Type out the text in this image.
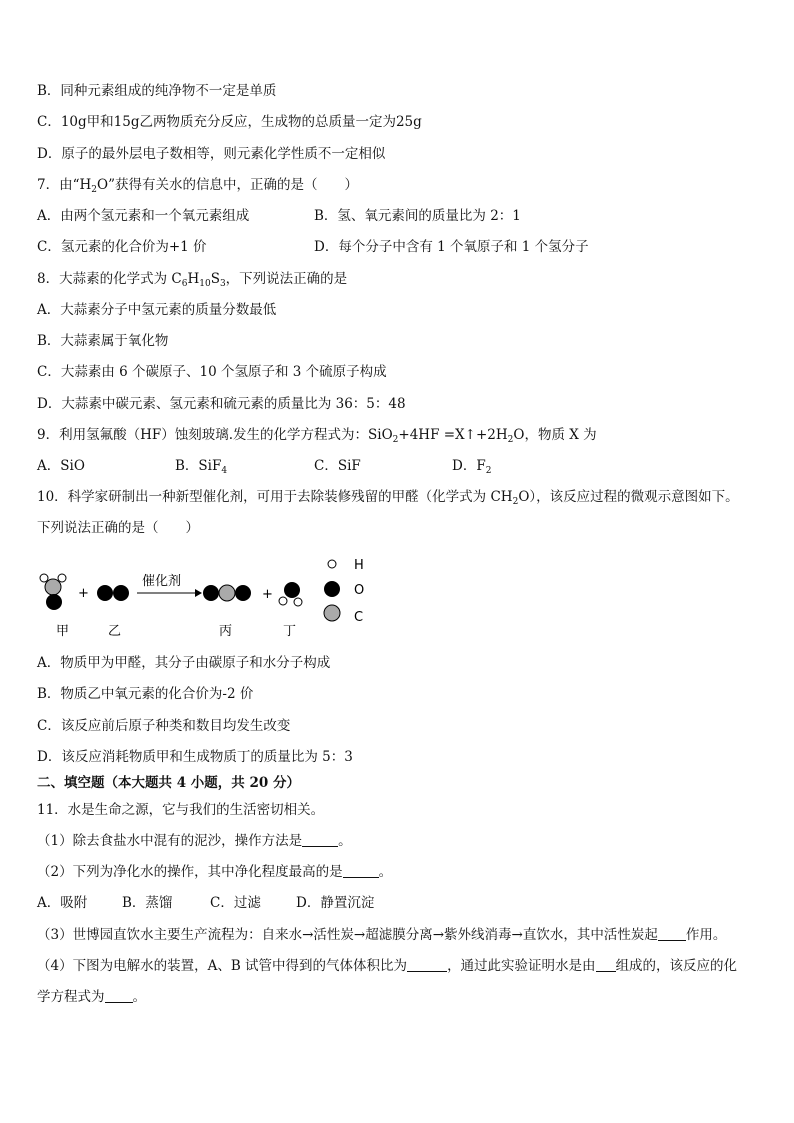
B．同种元素组成的纯净物不一定是单质
C．10g甲和15g乙两物质充分反应，生成物的总质量一定为25g
D．原子的最外层电子数相等，则元素化学性质不一定相似
7．由“$H_2O$”获得有关水的信息中，正确的是（　　）
A．由两个氢元素和一个氧元素组成	B．氢、氧元素间的质量比为 2：1
C．氢元素的化合价为+1 价	D．每个分子中含有 1 个氧原子和 1 个氢分子
8．大蒜素的化学式为 $C_6H_{10}S_3$，下列说法正确的是
A．大蒜素分子中氢元素的质量分数最低
B．大蒜素属于氧化物
C．大蒜素由 6 个碳原子、10 个氢原子和 3 个硫原子构成
D．大蒜素中碳元素、氢元素和硫元素的质量比为 36：5：48
9．利用氢氟酸（HF）蚀刻玻璃.发生的化学方程式为：$SiO_2+4HF =X↑+2H_2O$，物质 X 为
A．SiO	B．SiF$_4$	C．SiF	D．$F_2$
10．科学家研制出一种新型催化剂，可用于去除装修残留的甲醛（化学式为 $CH_2O$），该反应过程的微观示意图如下。
下列说法正确的是（　　）
+
催化剂
+
H
O
C
甲	乙	丙	丁
A．物质甲为甲醛，其分子由碳原子和水分子构成
B．物质乙中氧元素的化合价为-2 价
C．该反应前后原子种类和数目均发生改变
D．该反应消耗物质甲和生成物质丁的质量比为 5：3
二、填空题（本大题共 4 小题，共 20 分）
11．水是生命之源，它与我们的生活密切相关。
（1）除去食盐水中混有的泥沙，操作方法是	。
（2）下列为净化水的操作，其中净化程度最高的是	。
A．吸附	B．蒸馏	C．过滤	D．静置沉淀
（3）世博园直饮水主要生产流程为：自来水→活性炭→超滤膜分离→紫外线消毒→直饮水，其中活性炭起 作用。
（4）下图为电解水的装置，A、B 试管中得到的气体体积比为	，通过此实验证明水是由 组成的，该反应的化
学方程式为 。
